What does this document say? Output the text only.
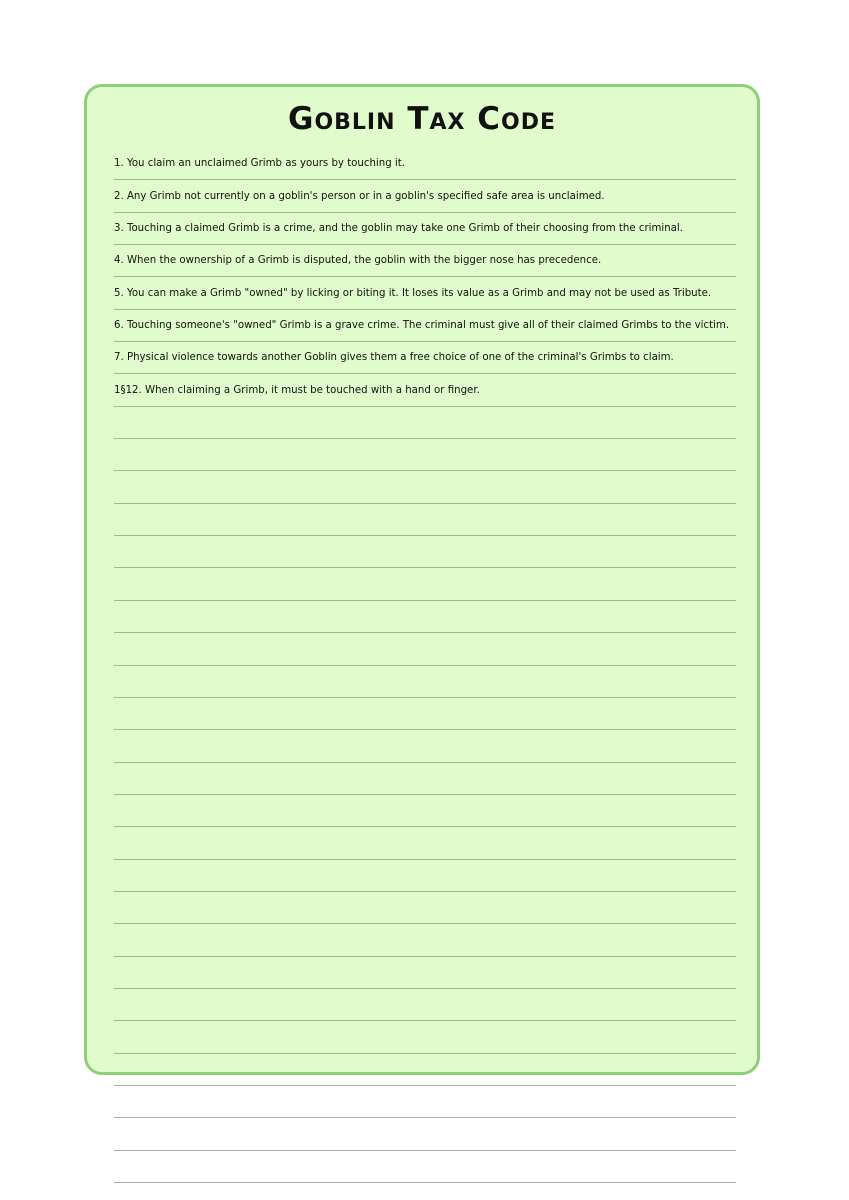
Goblin Tax Code
1. You claim an unclaimed Grimb as yours by touching it.
2. Any Grimb not currently on a goblin's person or in a goblin's specified safe area is unclaimed.
3. Touching a claimed Grimb is a crime, and the goblin may take one Grimb of their choosing from the criminal.
4. When the ownership of a Grimb is disputed, the goblin with the bigger nose has precedence.
5. You can make a Grimb "owned" by licking or biting it. It loses its value as a Grimb and may not be used as Tribute.
6. Touching someone's "owned" Grimb is a grave crime. The criminal must give all of their claimed Grimbs to the victim.
7. Physical violence towards another Goblin gives them a free choice of one of the criminal's Grimbs to claim.
1§12. When claiming a Grimb, it must be touched with a hand or finger.
